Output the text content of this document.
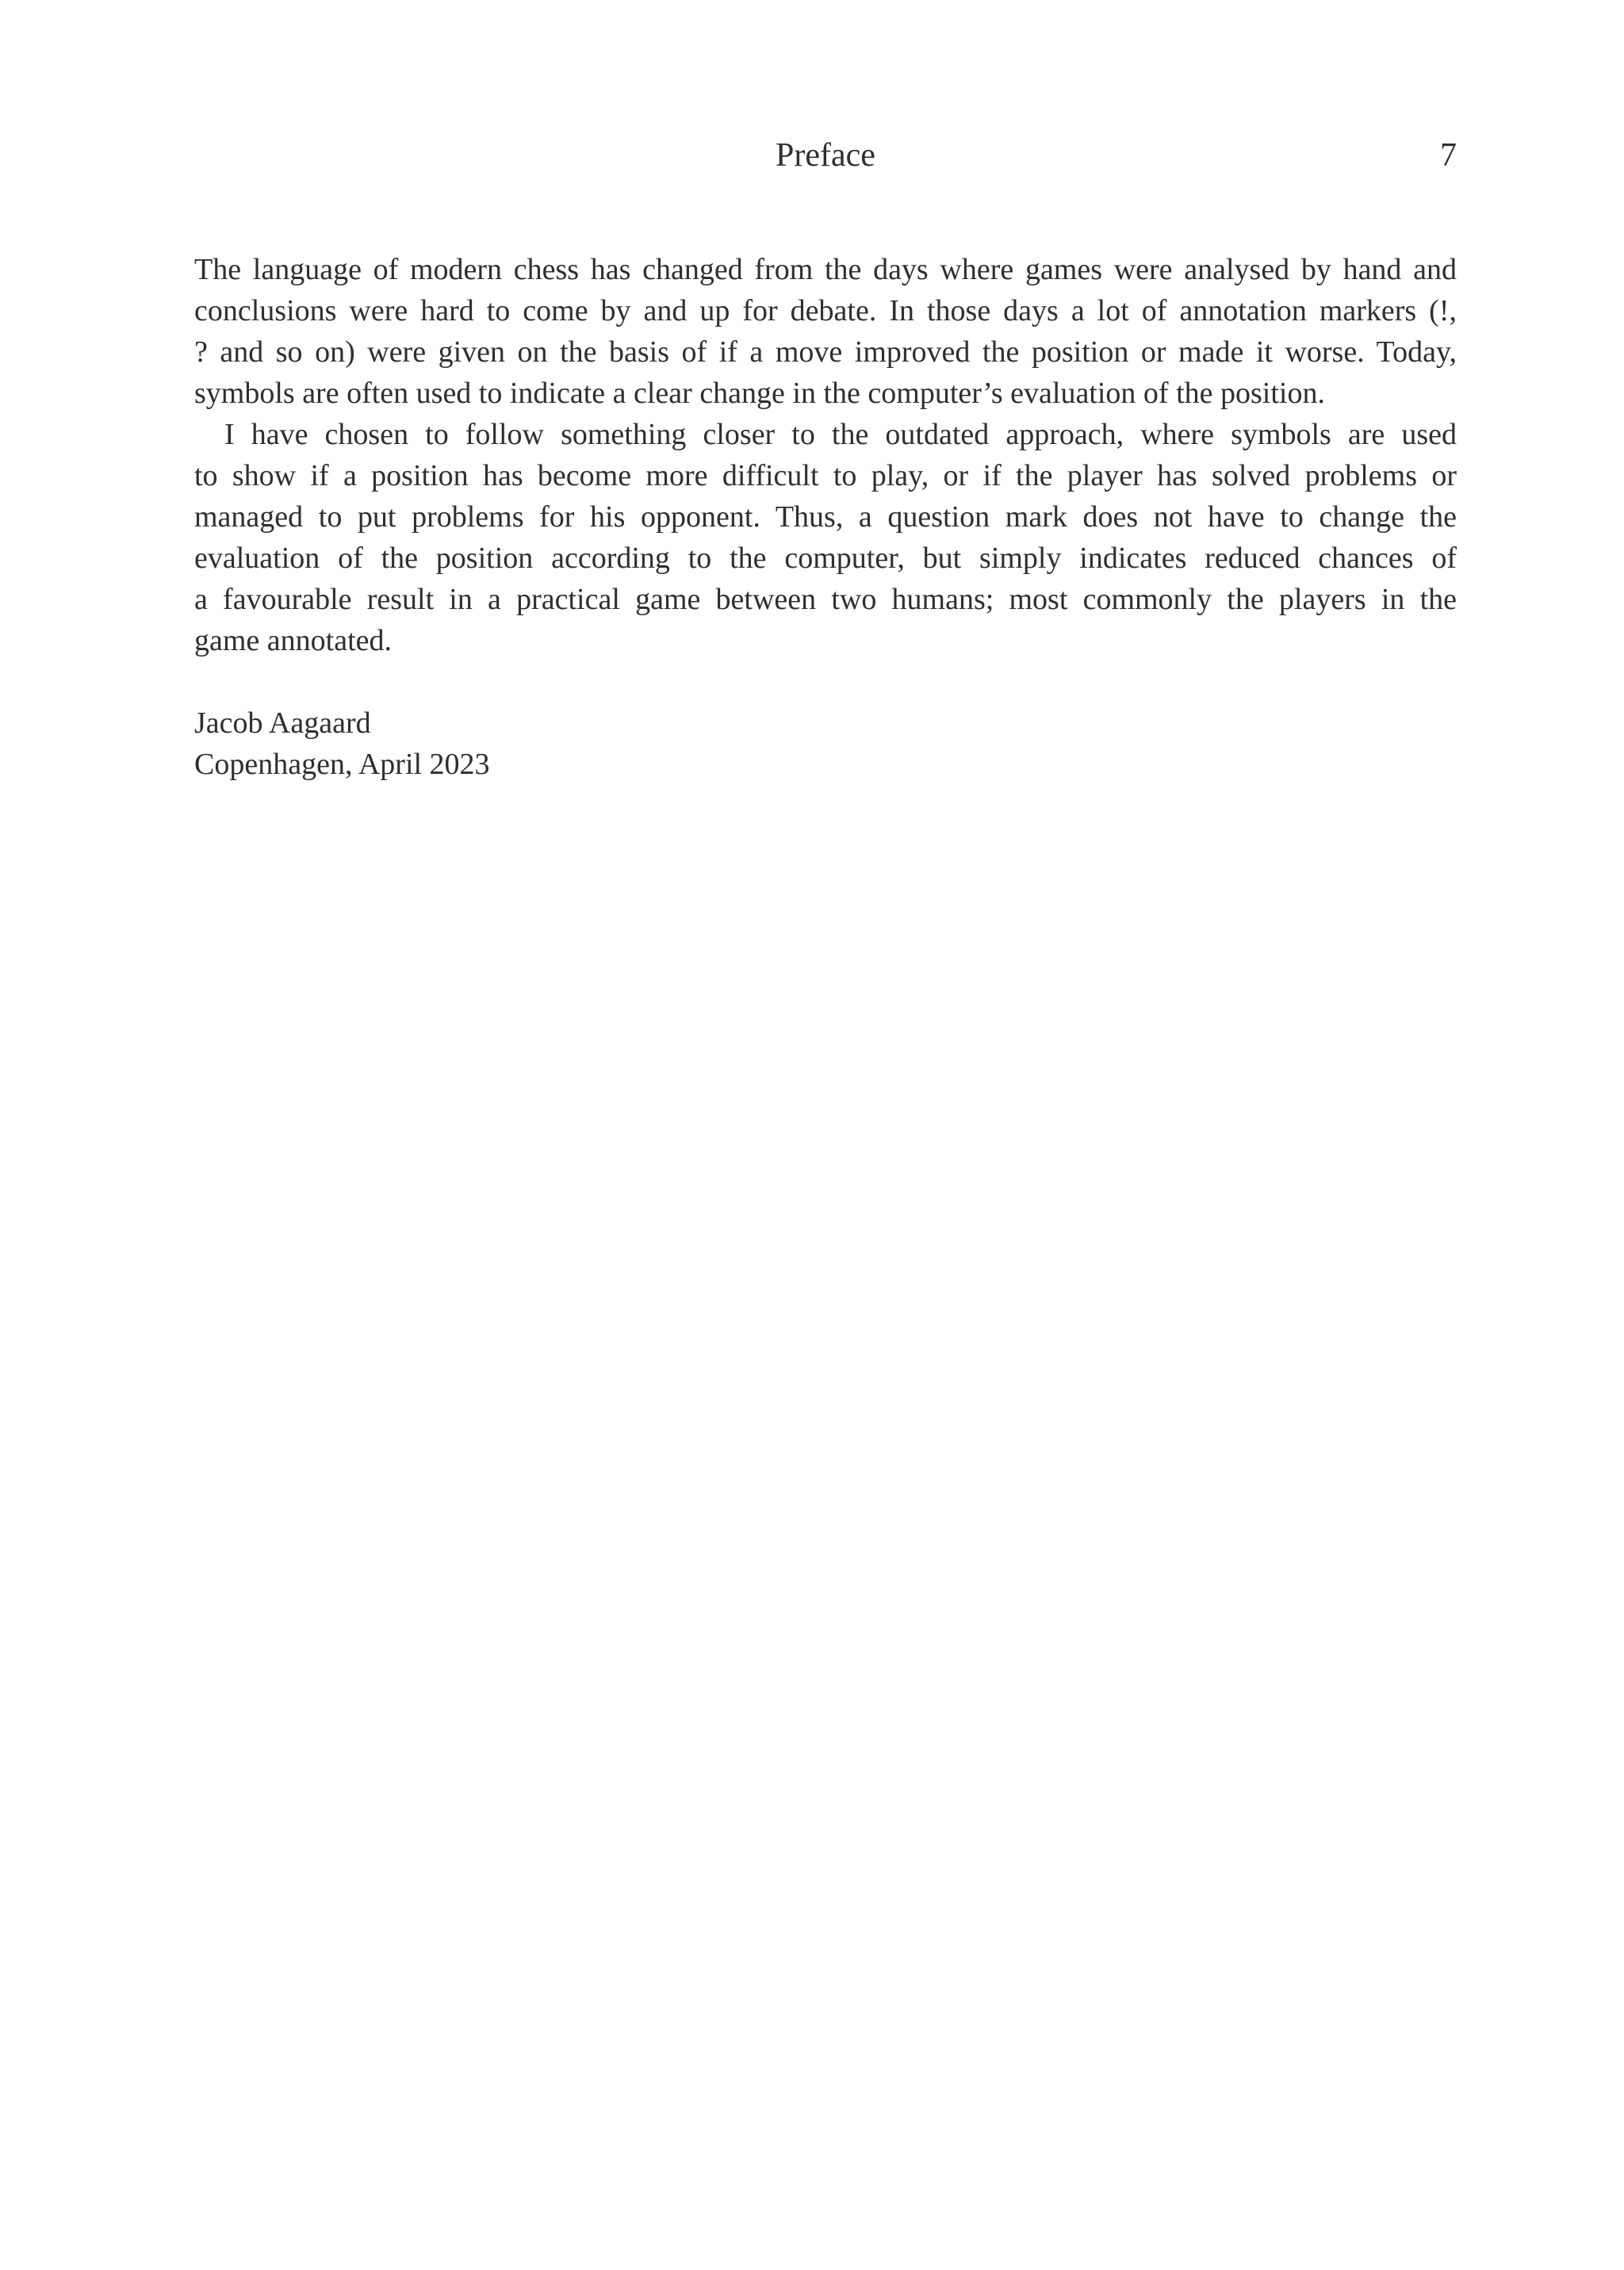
Preface	7
The language of modern chess has changed from the days where games were analysed by hand and
conclusions were hard to come by and up for debate. In those days a lot of annotation markers (!,
? and so on) were given on the basis of if a move improved the position or made it worse. Today,
symbols are often used to indicate a clear change in the computer’s evaluation of the position.
I have chosen to follow something closer to the outdated approach, where symbols are used
to show if a position has become more difficult to play, or if the player has solved problems or
managed to put problems for his opponent. Thus, a question mark does not have to change the
evaluation of the position according to the computer, but simply indicates reduced chances of
a favourable result in a practical game between two humans; most commonly the players in the
game annotated.
Jacob Aagaard
Copenhagen, April 2023
